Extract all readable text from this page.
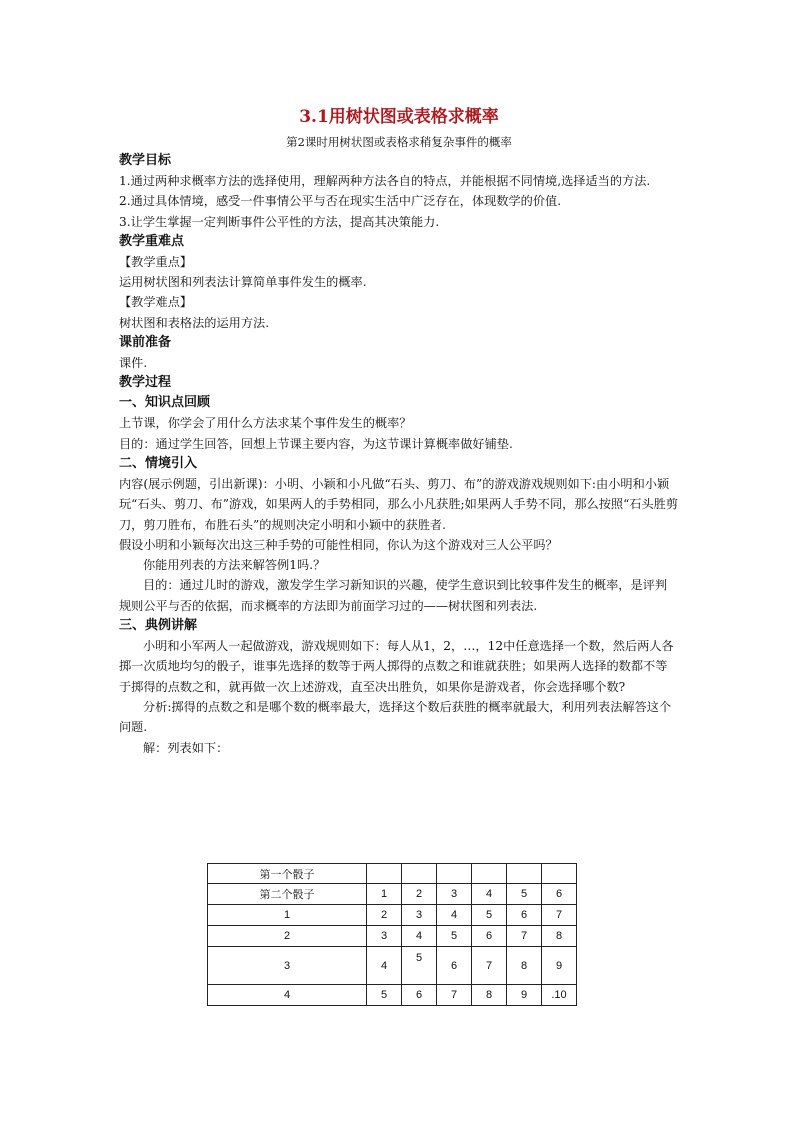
3.1用树状图或表格求概率

第2课时用树状图或表格求稍复杂事件的概率

教学目标

1.通过两种求概率方法的选择使用，理解两种方法各自的特点，并能根据不同情境,选择适当的方法.

2.通过具体情境，感受一件事情公平与否在现实生活中广泛存在，体现数学的价值.

3.让学生掌握一定判断事件公平性的方法，提高其决策能力.

教学重难点

【教学重点】

运用树状图和列表法计算简单事件发生的概率.

【教学难点】

树状图和表格法的运用方法.

课前准备

课件.

教学过程

一、知识点回顾

上节课，你学会了用什么方法求某个事件发生的概率？

目的：通过学生回答，回想上节课主要内容，为这节课计算概率做好铺垫.

二、情境引入

内容(展示例题，引出新课)：小明、小颖和小凡做“石头、剪刀、布”的游戏游戏规则如下:由小明和小颖玩“石头、剪刀、布”游戏，如果两人的手势相同，那么小凡获胜;如果两人手势不同，那么按照“石头胜剪刀，剪刀胜布，布胜石头”的规则决定小明和小颖中的获胜者.

假设小明和小颖每次出这三种手势的可能性相同，你认为这个游戏对三人公平吗？

你能用列表的方法来解答例1吗.？

目的：通过儿时的游戏，激发学生学习新知识的兴趣，使学生意识到比较事件发生的概率，是评判规则公平与否的依据，而求概率的方法即为前面学习过的——树状图和列表法.

三、典例讲解

小明和小军两人一起做游戏，游戏规则如下：每人从1，2，…，12中任意选择一个数，然后两人各掷一次质地均匀的骰子，谁事先选择的数等于两人掷得的点数之和谁就获胜；如果两人选择的数都不等于掷得的点数之和，就再做一次上述游戏，直至决出胜负，如果你是游戏者，你会选择哪个数?

分析:掷得的点数之和是哪个数的概率最大，选择这个数后获胜的概率就最大，利用列表法解答这个问题.

解：列表如下：

第一个骰子						
第二个骰子	1	2	3	4	5	6
1	2	3	4	5	6	7
2	3	4	5	6	7	8
3	4	5	6	7	8	9
4	5	6	7	8	9	.10
